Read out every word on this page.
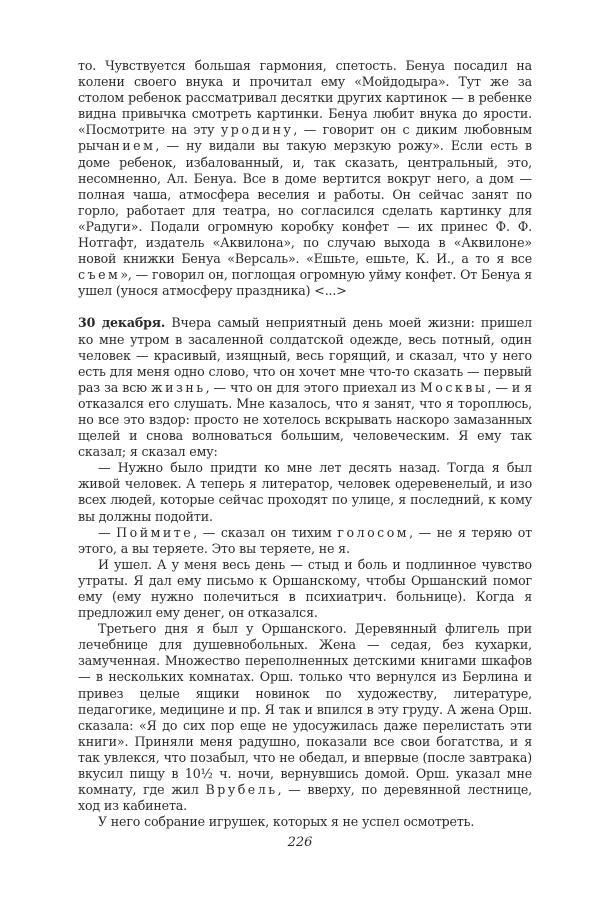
то. Чувствуется большая гармония, спетость. Бенуа посадил на колени своего внука и прочитал ему «Мойдодыра». Тут же за столом ребенок рассматривал десятки других картинок — в ребенке видна привычка смотреть картинки. Бенуа любит внука до ярости. «Посмотрите на эту уродину, — говорит он с диким любовным рычанием, — ну видали вы такую мерзкую рожу». Если есть в доме ребенок, избалованный, и, так сказать, центральный, это, несомненно, Ал. Бенуа. Все в доме вертится вокруг него, а дом — полная чаша, атмосфера веселия и работы. Он сейчас занят по горло, работает для театра, но согласился сделать картинку для «Радуги». Подали огромную коробку конфет — их принес Ф. Ф. Нотгафт, издатель «Аквилона», по случаю выхода в «Аквилоне» новой книжки Бенуа «Версаль». «Ешьте, ешьте, К. И., а то я все съем», — говорил он, поглощая огромную уйму конфет. От Бенуа я ушел (унося атмосферу праздника) <...>

30 декабря. Вчера самый неприятный день моей жизни: пришел ко мне утром в засаленной солдатской одежде, весь потный, один человек — красивый, изящный, весь горящий, и сказал, что у него есть для меня одно слово, что он хочет мне что-то сказать — первый раз за всю жизнь, — что он для этого приехал из Москвы, — и я отказался его слушать. Мне казалось, что я занят, что я тороплюсь, но все это вздор: просто не хотелось вскрывать наскоро замазанных щелей и снова волноваться большим, человеческим. Я ему так сказал; я сказал ему:

— Нужно было придти ко мне лет десять назад. Тогда я был живой человек. А теперь я литератор, человек одеревенелый, и изо всех людей, которые сейчас проходят по улице, я последний, к кому вы должны подойти.

— Поймите, — сказал он тихим голосом, — не я теряю от этого, а вы теряете. Это вы теряете, не я.

И ушел. А у меня весь день — стыд и боль и подлинное чувство утраты. Я дал ему письмо к Оршанскому, чтобы Оршанский помог ему (ему нужно полечиться в психиатрич. больнице). Когда я предложил ему денег, он отказался.

Третьего дня я был у Оршанского. Деревянный флигель при лечебнице для душевнобольных. Жена — седая, без кухарки, замученная. Множество переполненных детскими книгами шкафов — в нескольких комнатах. Орш. только что вернулся из Берлина и привез целые ящики новинок по художеству, литературе, педагогике, медицине и пр. Я так и впился в эту груду. А жена Орш. сказала: «Я до сих пор еще не удосужилась даже перелистать эти книги». Приняли меня радушно, показали все свои богатства, и я так увлекся, что позабыл, что не обедал, и впервые (после завтрака) вкусил пищу в 10½ ч. ночи, вернувшись домой. Орш. указал мне комнату, где жил Врубель, — вверху, по деревянной лестнице, ход из кабинета.

У него собрание игрушек, которых я не успел осмотреть.

226
